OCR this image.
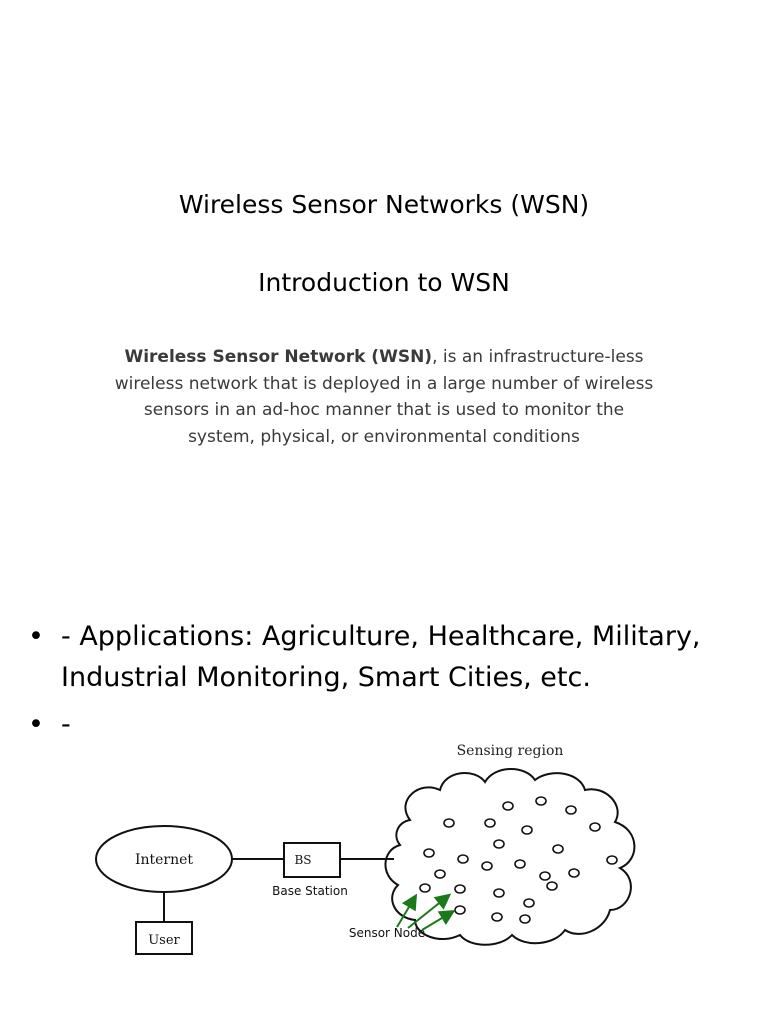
Wireless Sensor Networks (WSN)
Introduction to WSN
Wireless Sensor Network (WSN), is an infrastructure-less wireless network that is deployed in a large number of wireless sensors in an ad-hoc manner that is used to monitor the system, physical, or environmental conditions
• - Applications: Agriculture, Healthcare, Military, Industrial Monitoring, Smart Cities, etc.
• -
Sensing region
Internet	BS
Base Station
User	Sensor Node
